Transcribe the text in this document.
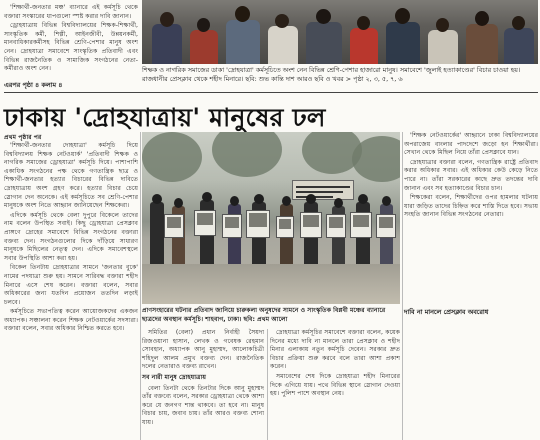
'শিক্ষার্থী-জনতার মঞ্চ' ব্যানারে এই কর্মসূচি থেকে বক্তারা সংস্কারের ধাপগুলো স্পষ্ট করার দাবি জানান।

ড্রোহযাত্রায় বিভিন্ন বিশ্ববিদ্যালয়ের শিক্ষক-শিক্ষার্থী, সাংস্কৃতিক কর্মী, শিল্পী, আইনজীবী, উন্নয়নকর্মী, মানবাধিকারকর্মীসহ বিভিন্ন শ্রেণি-পেশার মানুষ অংশ নেন। দ্রোহযাত্রা সমাবেশে সাংস্কৃতিক প্রতিবাদী এবং বিভিন্ন রাজনৈতিক ও সামাজিক সংগঠনের নেতা-কর্মীরাও অংশ নেন।	শিক্ষক ও নাগরিক সমাজের ডাকা 'দ্রোহযাত্রা' কর্মসূচিতে অংশ নেন বিভিন্ন শ্রেণি-পেশার হাজারো মানুষ। সমাবেশে 'জুলাই হত্যাকাণ্ডের' বিচার চাওয়া হয়। রাজধানীর প্রেসক্লাব থেকে শহীদ মিনারে। ছবি: শুভ কান্তি দাশ আরও ছবি ও খবর > পৃষ্ঠা ২, ৩, ৫, ৭, ৬
এরপর পৃষ্ঠা ৪ কলাম ৪
ঢাকায় 'দ্রোহযাত্রায়' মানুষের ঢল
প্রথম পৃষ্ঠার পর

'শিক্ষার্থী-জনতার দোহযাত্রা' কর্মসূচি দিয়ে বিশ্ববিদ্যালয় শিক্ষক নেটওয়ার্ক' 'প্রতিবাদী শিক্ষক ও নাগরিক সমাজের ড্রোহযাত্রা' কর্মসূচি দিয়ে। পাশাপাশি একাধিক সংগঠনের পক্ষ থেকে গণতান্ত্রিক ছাত্র ও শিক্ষার্থী-জনতার হত্যার বিচারের বিভিন্ন দাবিতে দ্রোহযাত্রায় অংশ গ্রহণ করে। হত্যার বিচার চেয়ে স্লোগান দেন অনেকে। এই কর্মসূচিতে সব শ্রেণি-পেশার মানুষকে অংশ নিতে আহ্বান জানিয়েছেন শিক্ষকেরা।

এদিকে কর্মসূচি থেকে বেলা দুপুরে বিকেলে তাদের নাম বলেন উপস্থিত সবাই। কিছু ড্রোহযাত্রা প্রেসক্লাব প্রাঙ্গণে দ্রোহের সমাবেশে বিভিন্ন সংগঠনের বক্তারা বক্তব্য দেন। সংগঠনগুলোর দিকে দাঁড়িয়ে সাধারণ মানুষকে মিছিলের নেতৃত্ব দেন। এদিকে সমাবেশস্থলে সবার উপস্থিতি আশা করা হয়।

বিকেল তিনটায় দ্রোহযাত্রার সামনে 'জনতার বুকে' নামের পদযাত্রা শুরু হয়। সামনে সারিবদ্ধ বক্তারা শহীদ মিনারে এসে শেষ করেন। বক্তারা বলেন, সবার অধিকারের জন্য যতদিন প্রয়োজন ততদিন লড়াই চলবে।

কর্মসূচিতে সভাপতিত্ব করেন আয়োজকদের একজন অধ্যাপক। সঞ্চালনা করেন শিক্ষক নেটওয়ার্কের সদস্যরা। বক্তারা বলেন, সবার অধিকার নিশ্চিত করতে হবে।

প্রাণসংহারের ঘটনার প্রতিবাদ জানিয়ে চারুকলা অনুষদের সামনে ও সাংস্কৃতিক বিপ্লবী মঞ্চের ব্যানারে ছাত্রদের অবস্থান কর্মসূচি। শাহবাগ, ঢাকা। ছবি: প্রথম আলো

সমিতির (বেলা) প্রধান নির্বাহী সৈয়দা রিজওয়ানা হাসান, লেখক ও গবেষক রেহমান সোবহান, অধ্যাপক আনু মুহাম্মদ, আলোকচিত্রী শহিদুল আলম প্রমুখ বক্তব্য দেন। রাজনৈতিক দলের নেতারাও বক্তব্য রাখেন।

সব নারী মানুষ দ্রোহযাত্রায়

বেলা তিনটা থেকে তিনটার দিকে আনু মুহাম্মদ তাঁর বক্তব্যে বলেন, সরকার ড্রোহযাত্রা থেকে আশা করে যে জনগণ শান্ত থাকবে। তা হবে না। মানুষ বিচার চায়, জবাব চায়। তাঁর আরও বক্তব্য শোনা যায়।

দ্রোহযাত্রা কর্মসূচির সমাবেশে বক্তারা বলেন, কয়েক দিনের মধ্যে দাবি না মানলে তারা প্রেসক্লাব ও শহীদ মিনার এলাকায় নতুন কর্মসূচি দেবেন। সরকার দ্রুত বিচার প্রক্রিয়া শুরু করবে বলে তারা আশা প্রকাশ করেন।

সমাবেশের শেষ দিকে দ্রোহযাত্রা শহীদ মিনারের দিকে এগিয়ে যায়। পথে বিভিন্ন স্থানে স্লোগান দেওয়া হয়। পুলিশ পাশে অবস্থান নেয়।

'শিক্ষক নেটওয়ার্কের' আহ্বানে ঢাকা বিশ্ববিদ্যালয়ের অপরাজেয় বাংলার পাদদেশে জড়ো হন শিক্ষার্থীরা। সেখান থেকে মিছিল নিয়ে তাঁরা প্রেসক্লাবে যান।

দ্রোহযাত্রার বক্তারা বলেন, গণতান্ত্রিক রাষ্ট্রে প্রতিবাদ করার অধিকার সবার। এই অধিকার কেউ কেড়ে নিতে পারে না। তাঁরা সরকারের কাছে দ্রুত তদন্তের দাবি জানান এবং সব হত্যাকাণ্ডের বিচার চান।

শিক্ষকেরা বলেন, শিক্ষার্থীদের ওপর হামলার ঘটনায় যারা জড়িত তাদের চিহ্নিত করে শাস্তি দিতে হবে। সভায় সংহতি জানান বিভিন্ন সংগঠনের নেতারা।

দাবি না মানলে প্রেসক্লাব অবরোধ
